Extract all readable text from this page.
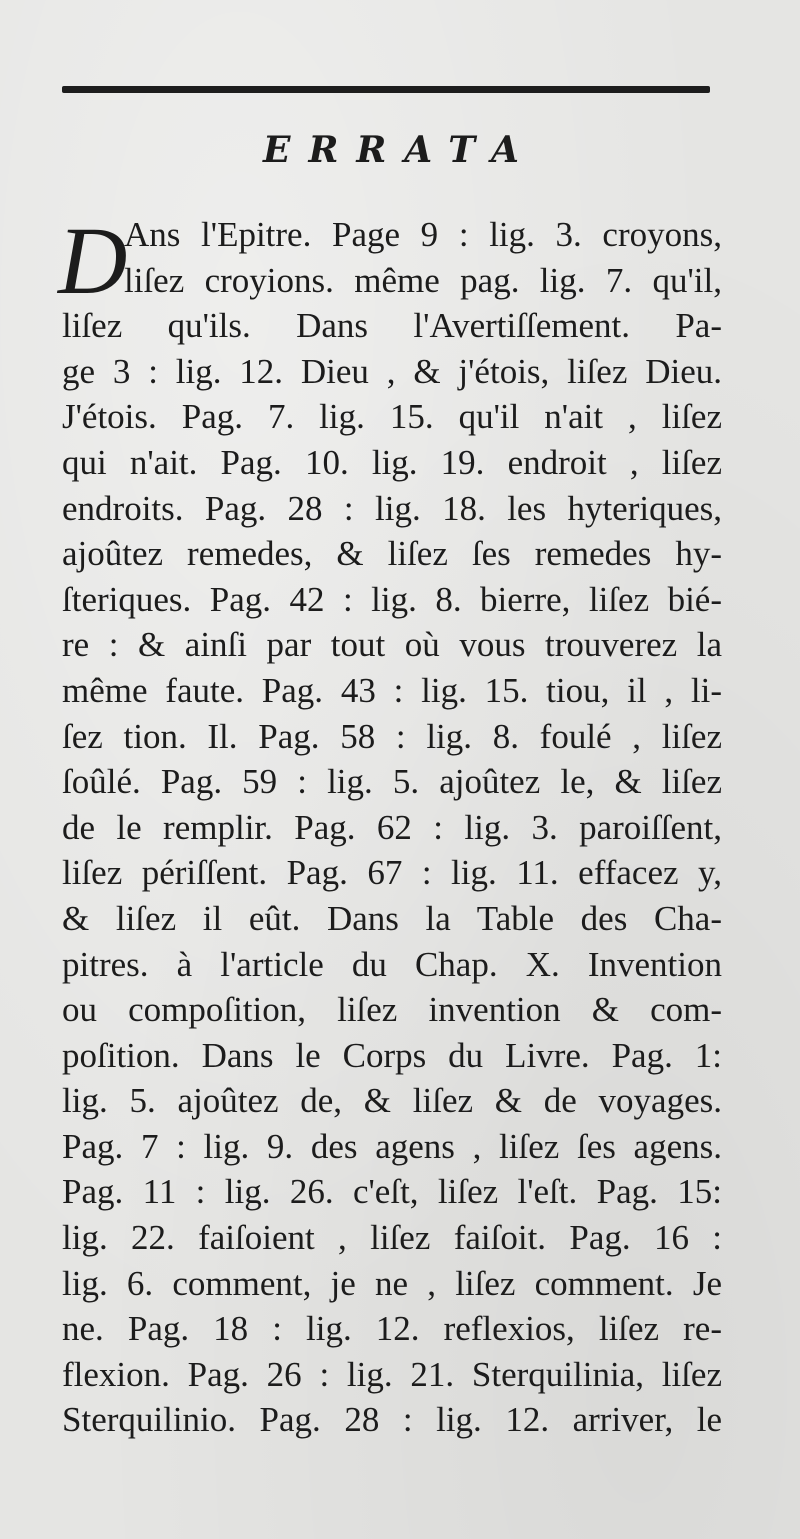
ERRATA
D
Ans l'Epitre. Page 9 : lig. 3. croyons,
liſez croyions. même pag. lig. 7. qu'il,
liſez qu'ils. Dans l'Avertiſſement. Pa-
ge 3 : lig. 12. Dieu , & j'étois, liſez Dieu.
J'étois. Pag. 7. lig. 15. qu'il n'ait , liſez
qui n'ait. Pag. 10. lig. 19. endroit , liſez
endroits. Pag. 28 : lig. 18. les hyteriques,
ajoûtez remedes, & liſez ſes remedes hy-
ſteriques. Pag. 42 : lig. 8. bierre, liſez bié-
re : & ainſi par tout où vous trouverez la
même faute. Pag. 43 : lig. 15. tiou, il , li-
ſez tion. Il. Pag. 58 : lig. 8. foulé , liſez
ſoûlé. Pag. 59 : lig. 5. ajoûtez le, & liſez
de le remplir. Pag. 62 : lig. 3. paroiſſent,
liſez périſſent. Pag. 67 : lig. 11. effacez y,
& liſez il eût. Dans la Table des Cha-
pitres. à l'article du Chap. X. Invention
ou compoſition, liſez invention & com-
poſition. Dans le Corps du Livre. Pag. 1:
lig. 5. ajoûtez de, & liſez & de voyages.
Pag. 7 : lig. 9. des agens , liſez ſes agens.
Pag. 11 : lig. 26. c'eſt, liſez l'eſt. Pag. 15:
lig. 22. faiſoient , liſez faiſoit. Pag. 16 :
lig. 6. comment, je ne , liſez comment. Je
ne. Pag. 18 : lig. 12. reflexios, liſez re-
flexion. Pag. 26 : lig. 21. Sterquilinia, liſez
Sterquilinio. Pag. 28 : lig. 12. arriver, le
